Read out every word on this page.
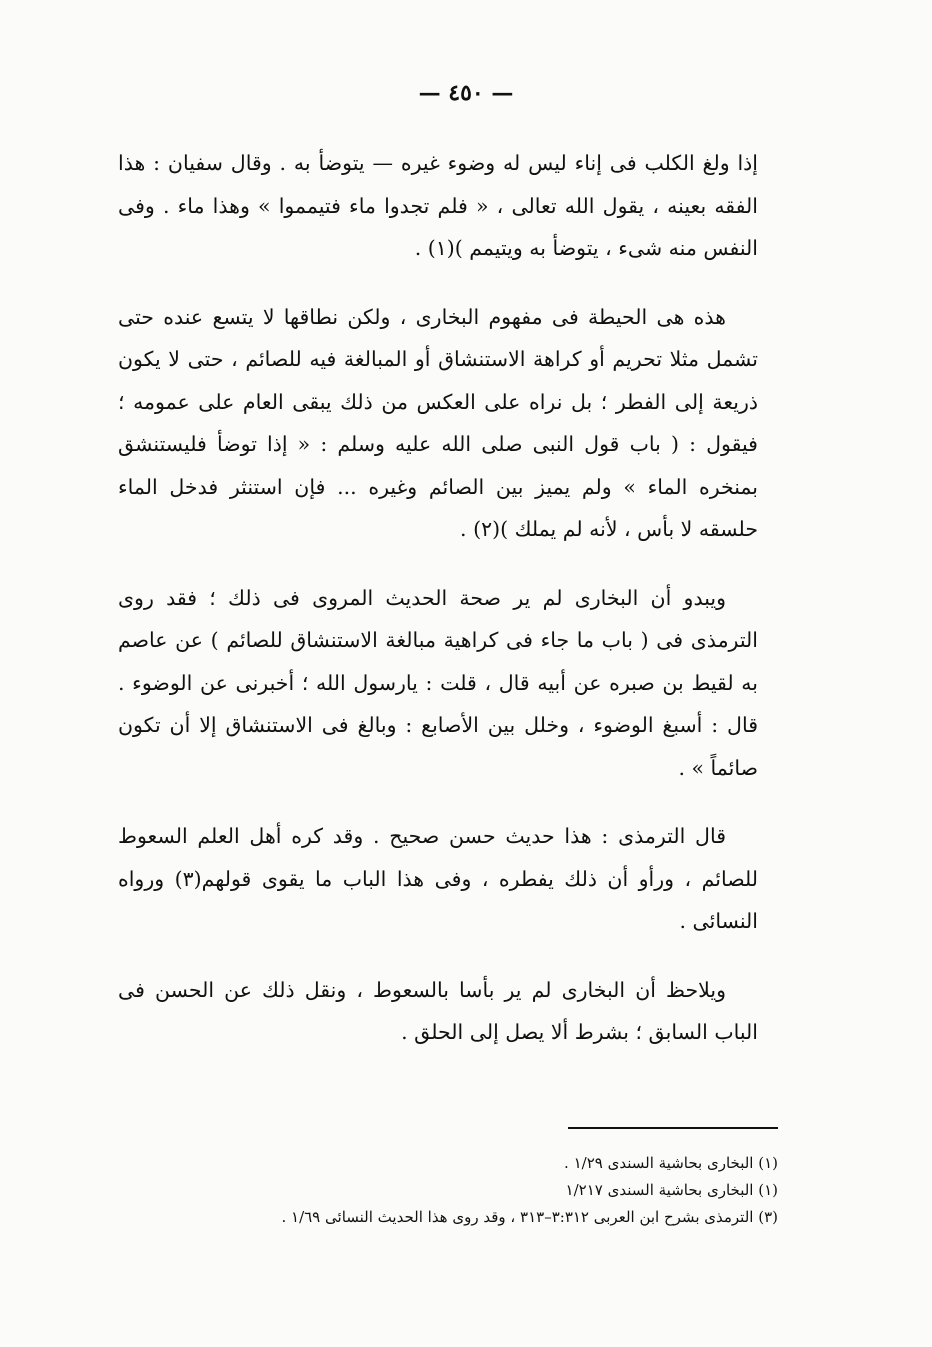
— ٤٥٠ —

إذا ولغ الكلب فى إناء ليس له وضوء غيره — يتوضأ به . وقال سفيان : هذا الفقه بعينه ، يقول الله تعالى ، « فلم تجدوا ماء فتيمموا » وهذا ماء . وفى النفس منه شىء ، يتوضأ به ويتيمم )(١) .

هذه هى الحيطة فى مفهوم البخارى ، ولكن نطاقها لا يتسع عنده حتى تشمل مثلا تحريم أو كراهة الاستنشاق أو المبالغة فيه للصائم ، حتى لا يكون ذريعة إلى الفطر ؛ بل نراه على العكس من ذلك يبقى العام على عمومه ؛ فيقول : ( باب قول النبى صلى الله عليه وسلم : « إذا توضأ فليستنشق بمنخره الماء » ولم يميز بين الصائم وغيره ... فإن استنثر فدخل الماء حلسقه لا بأس ، لأنه لم يملك )(٢) .

ويبدو أن البخارى لم ير صحة الحديث المروى فى ذلك ؛ فقد روى الترمذى فى ( باب ما جاء فى كراهية مبالغة الاستنشاق للصائم ) عن عاصم به لقيط بن صبره عن أبيه قال ، قلت : يارسول الله ؛ أخبرنى عن الوضوء . قال : أسبغ الوضوء ، وخلل بين الأصابع : وبالغ فى الاستنشاق إلا أن تكون صائماً » .

قال الترمذى : هذا حديث حسن صحيح . وقد كره أهل العلم السعوط للصائم ، ورأو أن ذلك يفطره ، وفى هذا الباب ما يقوى قولهم(٣) ورواه النسائى .

ويلاحظ أن البخارى لم ير بأسا بالسعوط ، ونقل ذلك عن الحسن فى الباب السابق ؛ بشرط ألا يصل إلى الحلق .

(١) البخارى بحاشية السندى ١/٢٩ .

(١) البخارى بحاشية السندى ١/٢١٧

(٣) الترمذى بشرح ابن العربى ٣:٣١٢–٣١٣ ، وقد روى هذا الحديث النسائى ١/٦٩ .
